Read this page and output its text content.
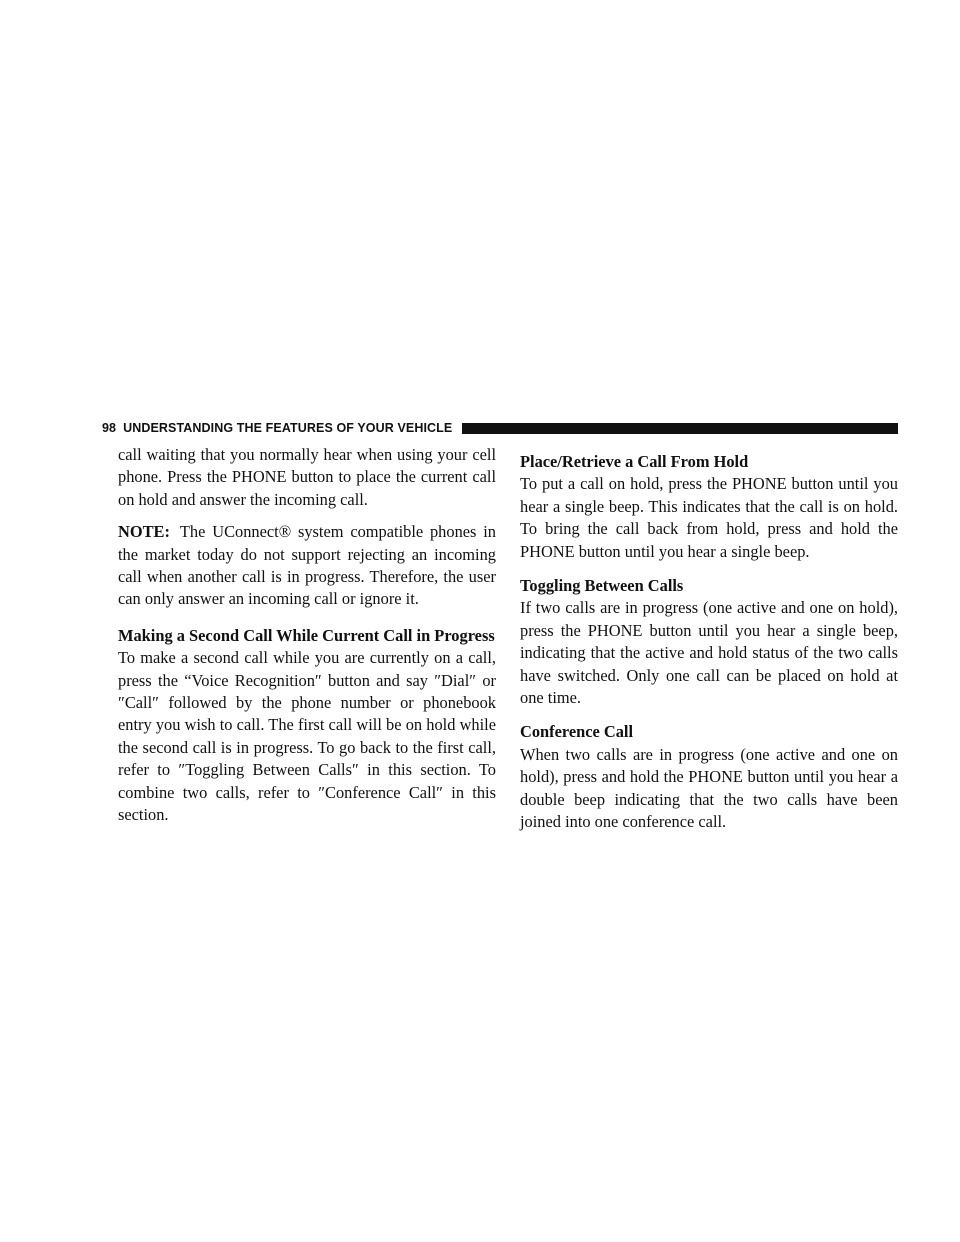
98 UNDERSTANDING THE FEATURES OF YOUR VEHICLE

call waiting that you normally hear when using your cell phone. Press the PHONE button to place the current call on hold and answer the incoming call.

NOTE: The UConnect® system compatible phones in the market today do not support rejecting an incoming call when another call is in progress. Therefore, the user can only answer an incoming call or ignore it.

Making a Second Call While Current Call in Progress

To make a second call while you are currently on a call, press the “Voice Recognition″ button and say ″Dial″ or ″Call″ followed by the phone number or phonebook entry you wish to call. The first call will be on hold while the second call is in progress. To go back to the first call, refer to ″Toggling Between Calls″ in this section. To combine two calls, refer to ″Conference Call″ in this section.

Place/Retrieve a Call From Hold

To put a call on hold, press the PHONE button until you hear a single beep. This indicates that the call is on hold. To bring the call back from hold, press and hold the PHONE button until you hear a single beep.

Toggling Between Calls

If two calls are in progress (one active and one on hold), press the PHONE button until you hear a single beep, indicating that the active and hold status of the two calls have switched. Only one call can be placed on hold at one time.

Conference Call

When two calls are in progress (one active and one on hold), press and hold the PHONE button until you hear a double beep indicating that the two calls have been joined into one conference call.
